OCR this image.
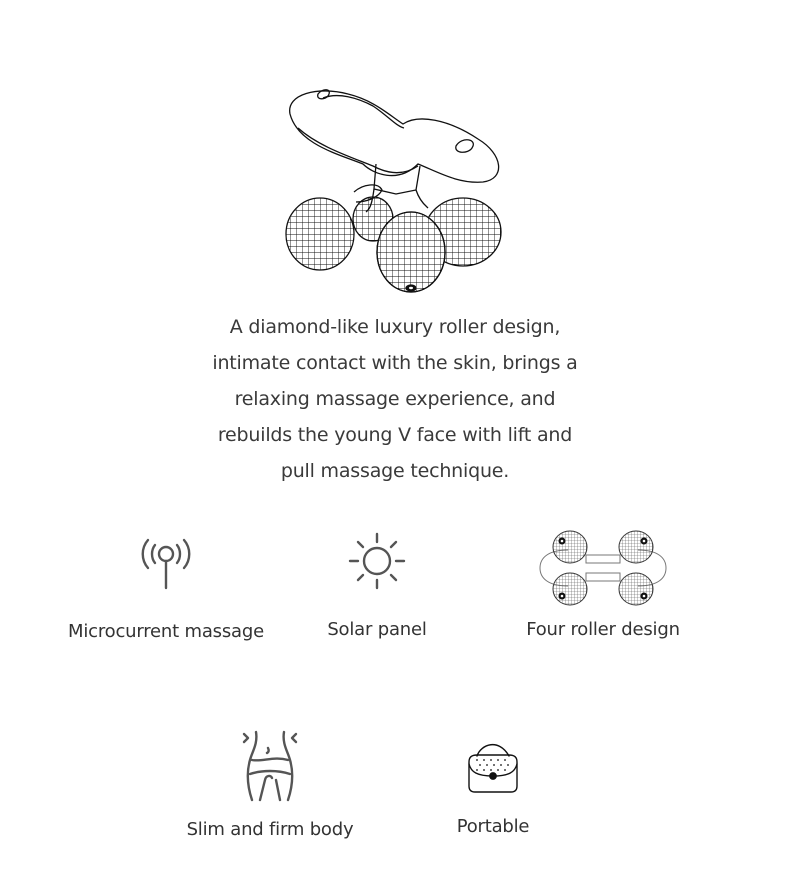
A diamond-like luxury roller design,

intimate contact with the skin, brings a

relaxing massage experience, and

rebuilds the young V face with lift and

pull massage technique.

Microcurrent massage	Solar panel	Four roller design
Slim and firm body	Portable
